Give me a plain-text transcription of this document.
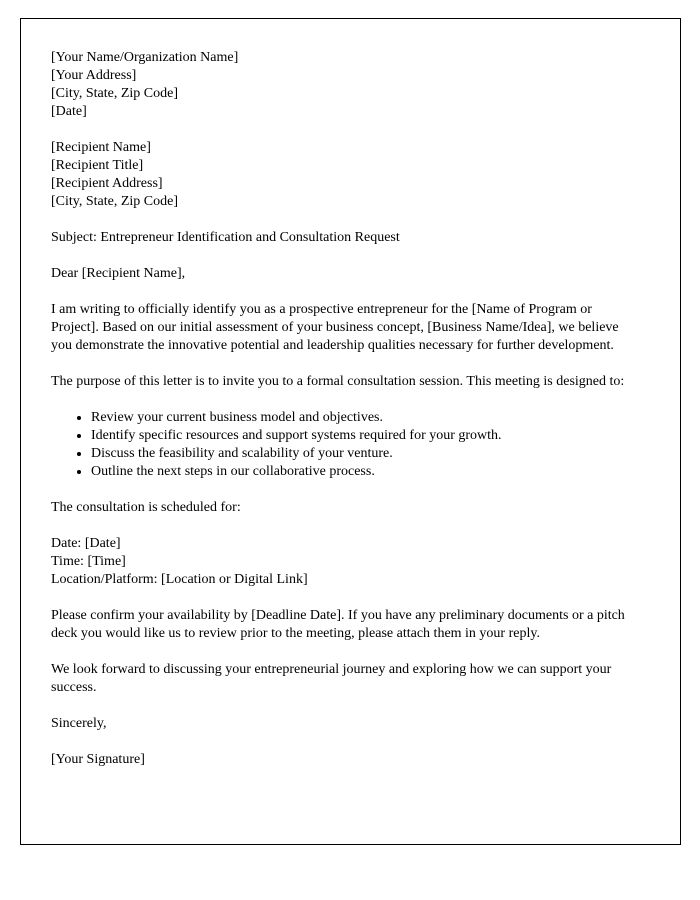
[Your Name/Organization Name]
[Your Address]
[City, State, Zip Code]
[Date]
[Recipient Name]
[Recipient Title]
[Recipient Address]
[City, State, Zip Code]
Subject: Entrepreneur Identification and Consultation Request
Dear [Recipient Name],
I am writing to officially identify you as a prospective entrepreneur for the [Name of Program or Project]. Based on our initial assessment of your business concept, [Business Name/Idea], we believe you demonstrate the innovative potential and leadership qualities necessary for further development.
The purpose of this letter is to invite you to a formal consultation session. This meeting is designed to:
• Review your current business model and objectives.
• Identify specific resources and support systems required for your growth.
• Discuss the feasibility and scalability of your venture.
• Outline the next steps in our collaborative process.
The consultation is scheduled for:
Date: [Date]
Time: [Time]
Location/Platform: [Location or Digital Link]
Please confirm your availability by [Deadline Date]. If you have any preliminary documents or a pitch deck you would like us to review prior to the meeting, please attach them in your reply.
We look forward to discussing your entrepreneurial journey and exploring how we can support your success.
Sincerely,
[Your Signature]
